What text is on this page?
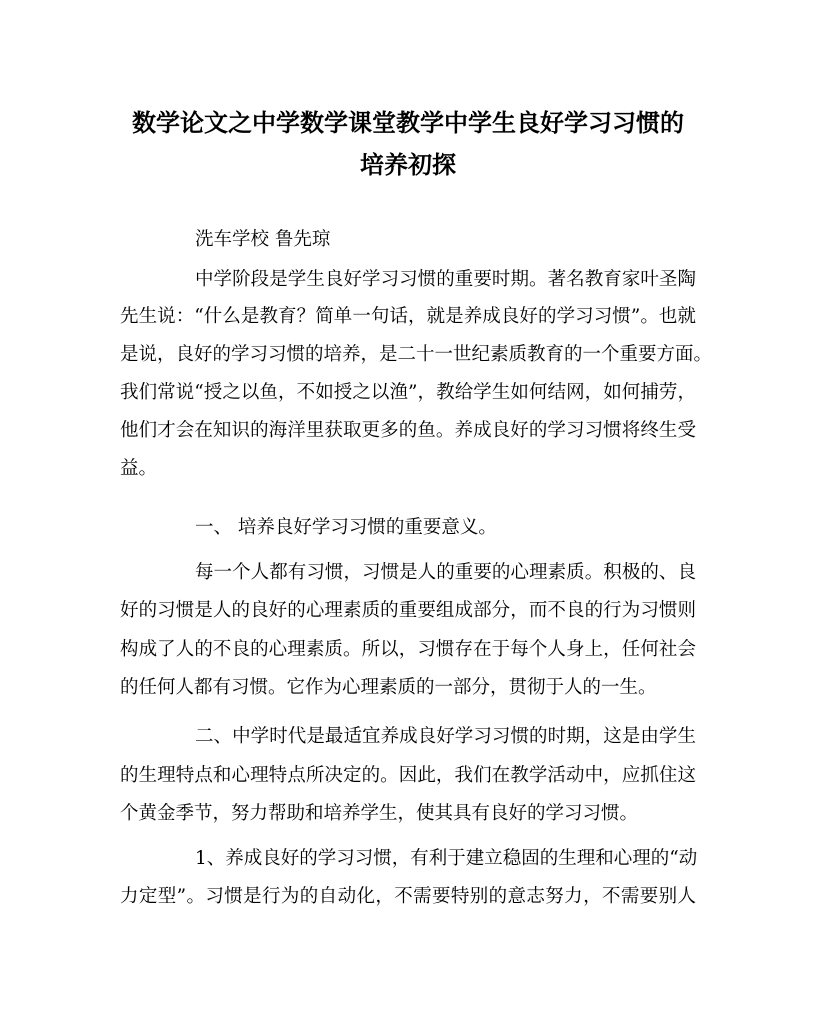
数学论文之中学数学课堂教学中学生良好学习习惯的
培养初探
洗车学校 鲁先琼
中学阶段是学生良好学习习惯的重要时期。著名教育家叶圣陶
先生说：“什么是教育？简单一句话，就是养成良好的学习习惯”。也就
是说，良好的学习习惯的培养，是二十一世纪素质教育的一个重要方面。
我们常说“授之以鱼，不如授之以渔”，教给学生如何结网，如何捕劳，
他们才会在知识的海洋里获取更多的鱼。养成良好的学习习惯将终生受
益。
一、 培养良好学习习惯的重要意义。
每一个人都有习惯，习惯是人的重要的心理素质。积极的、良
好的习惯是人的良好的心理素质的重要组成部分，而不良的行为习惯则
构成了人的不良的心理素质。所以，习惯存在于每个人身上，任何社会
的任何人都有习惯。它作为心理素质的一部分，贯彻于人的一生。
二、中学时代是最适宜养成良好学习习惯的时期，这是由学生
的生理特点和心理特点所决定的。因此，我们在教学活动中，应抓住这
个黄金季节，努力帮助和培养学生，使其具有良好的学习习惯。
1、养成良好的学习习惯，有利于建立稳固的生理和心理的“动
力定型”。习惯是行为的自动化，不需要特别的意志努力，不需要别人
